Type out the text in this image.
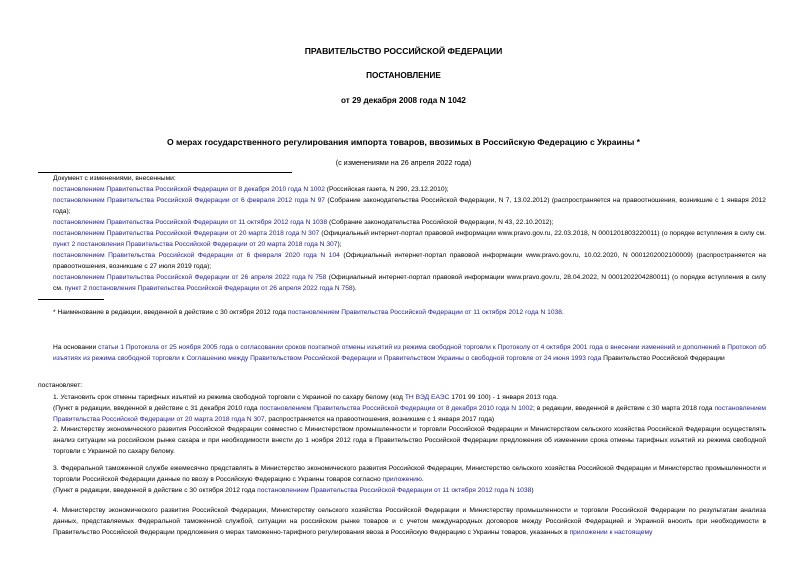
ПРАВИТЕЛЬСТВО РОССИЙСКОЙ ФЕДЕРАЦИИ
ПОСТАНОВЛЕНИЕ
от 29 декабря 2008 года N 1042
О мерах государственного регулирования импорта товаров, ввозимых в Российскую Федерацию с Украины *
(с изменениями на 26 апреля 2022 года)
Документ с изменениями, внесенными:
постановлением Правительства Российской Федерации от 8 декабря 2010 года N 1002 (Российская газета, N 290, 23.12.2010);
постановлением Правительства Российской Федерации от 6 февраля 2012 года N 97 (Собрание законодательства Российской Федерации, N 7, 13.02.2012) (распространяется на правоотношения, возникшие с 1 января 2012 года);
постановлением Правительства Российской Федерации от 11 октября 2012 года N 1038 (Собрание законодательства Российской Федерации, N 43, 22.10.2012);
постановлением Правительства Российской Федерации от 20 марта 2018 года N 307 (Официальный интернет-портал правовой информации www.pravo.gov.ru, 22.03.2018, N 0001201803220011) (о порядке вступления в силу см. пункт 2 постановления Правительства Российской Федерации от 20 марта 2018 года N 307);
постановлением Правительства Российской Федерации от 6 февраля 2020 года N 104 (Официальный интернет-портал правовой информации www.pravo.gov.ru, 10.02.2020, N 0001202002100009) (распространяется на правоотношения, возникшие с 27 июля 2019 года);
постановлением Правительства Российской Федерации от 26 апреля 2022 года N 758 (Официальный интернет-портал правовой информации www.pravo.gov.ru, 28.04.2022, N 0001202204280011) (о порядке вступления в силу см. пункт 2 постановления Правительства Российской Федерации от 26 апреля 2022 года N 758).
* Наименование в редакции, введенной в действие с 30 октября 2012 года постановлением Правительства Российской Федерации от 11 октября 2012 года N 1038.
На основании статьи 1 Протокола от 25 ноября 2005 года о согласовании сроков поэтапной отмены изъятий из режима свободной торговли к Протоколу от 4 октября 2001 года о внесении изменений и дополнений в Протокол об изъятиях из режима свободной торговли к Соглашению между Правительством Российской Федерации и Правительством Украины о свободной торговле от 24 июня 1993 года Правительство Российской Федерации
постановляет:
1. Установить срок отмены тарифных изъятий из режима свободной торговли с Украиной по сахару белому (код ТН ВЭД ЕАЭС 1701 99 100) - 1 января 2013 года.
(Пункт в редакции, введенной в действие с 31 декабря 2010 года постановлением Правительства Российской Федерации от 8 декабря 2010 года N 1002; в редакции, введенной в действие с 30 марта 2018 года постановлением Правительства Российской Федерации от 20 марта 2018 года N 307, распространяется на правоотношения, возникшие с 1 января 2017 года)
2. Министерству экономического развития Российской Федерации совместно с Министерством промышленности и торговли Российской Федерации и Министерством сельского хозяйства Российской Федерации осуществлять анализ ситуации на российском рынке сахара и при необходимости внести до 1 ноября 2012 года в Правительство Российской Федерации предложения об изменении срока отмены тарифных изъятий из режима свободной торговли с Украиной по сахару белому.
3. Федеральной таможенной службе ежемесячно представлять в Министерство экономического развития Российской Федерации, Министерство сельского хозяйства Российской Федерации и Министерство промышленности и торговли Российской Федерации данные по ввозу в Российскую Федерацию с Украины товаров согласно приложению.
(Пункт в редакции, введенной в действие с 30 октября 2012 года постановлением Правительства Российской Федерации от 11 октября 2012 года N 1038)
4. Министерству экономического развития Российской Федерации, Министерству сельского хозяйства Российской Федерации и Министерству промышленности и торговли Российской Федерации по результатам анализа данных, представляемых Федеральной таможенной службой, ситуации на российском рынке товаров и с учетом международных договоров между Российской Федерацией и Украиной вносить при необходимости в Правительство Российской Федерации предложения о мерах таможенно-тарифного регулирования ввоза в Российскую Федерацию с Украины товаров, указанных в приложении к настоящему
